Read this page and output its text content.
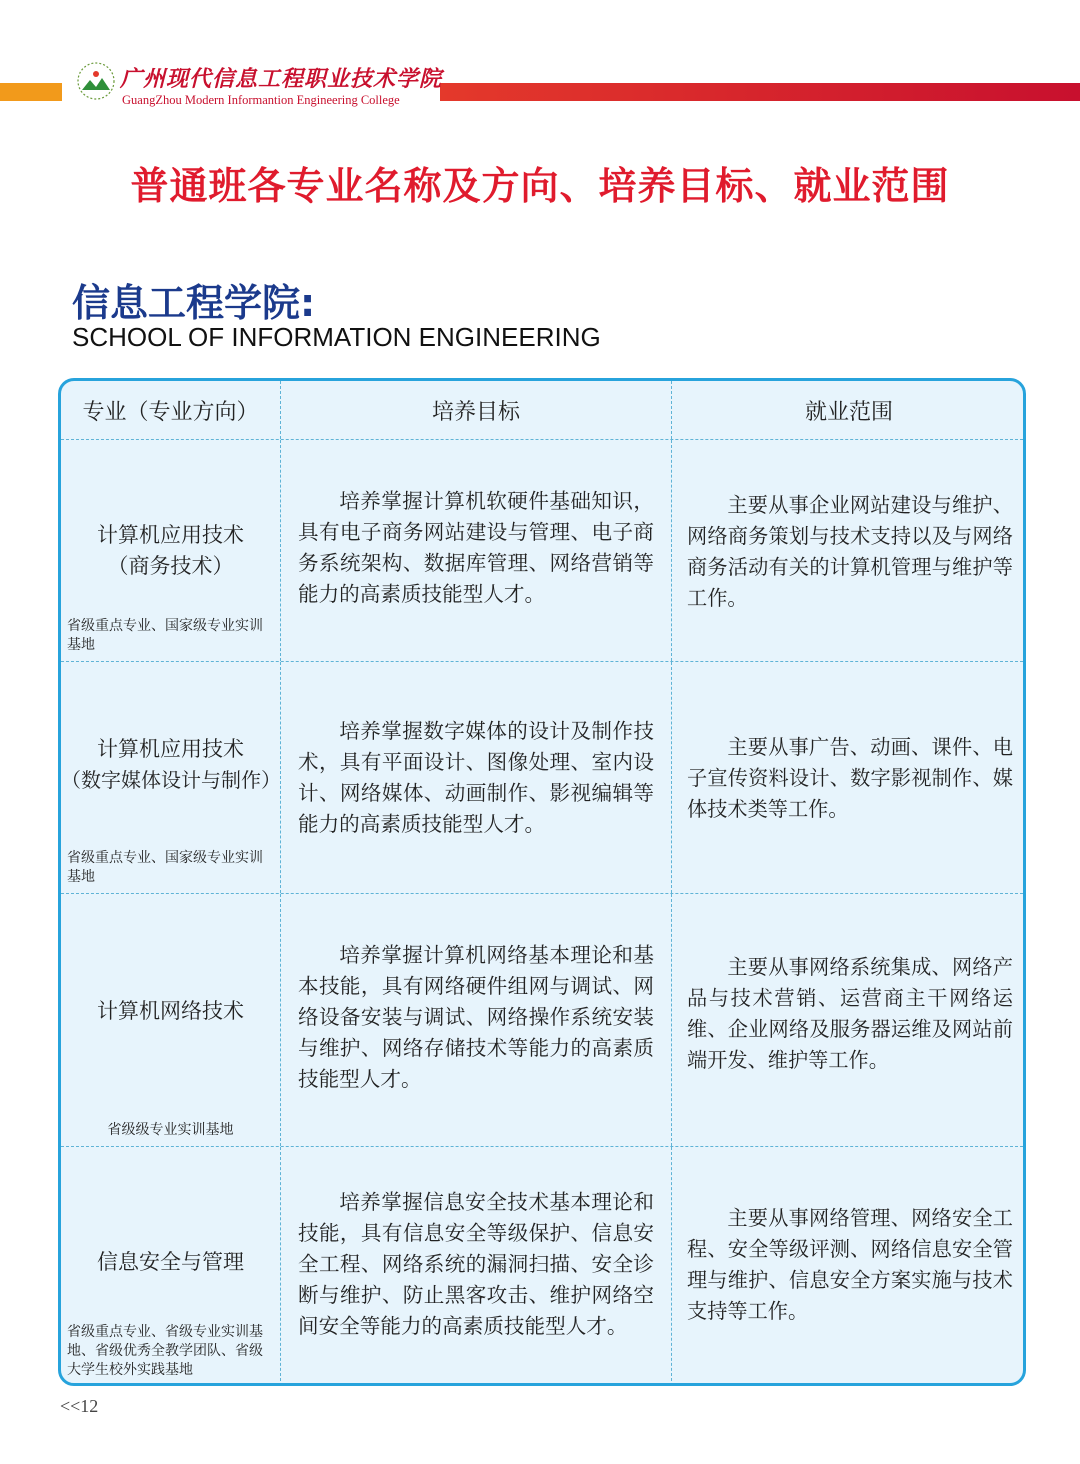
广州现代信息工程职业技术学院
GuangZhou Modern Informantion Engineering College
普通班各专业名称及方向、培养目标、就业范围
信息工程学院:
SCHOOL OF INFORMATION ENGINEERING
专业（专业方向）	培养目标	就业范围
计算机应用技术
（商务技术）
省级重点专业、国家级专业实训基地
培养掌握计算机软硬件基础知识，具有电子商务网站建设与管理、电子商务系统架构、数据库管理、网络营销等能力的高素质技能型人才。
主要从事企业网站建设与维护、网络商务策划与技术支持以及与网络商务活动有关的计算机管理与维护等工作。
计算机应用技术
（数字媒体设计与制作）
省级重点专业、国家级专业实训基地
培养掌握数字媒体的设计及制作技术，具有平面设计、图像处理、室内设计、网络媒体、动画制作、影视编辑等能力的高素质技能型人才。
主要从事广告、动画、课件、电子宣传资料设计、数字影视制作、媒体技术类等工作。
计算机网络技术
省级级专业实训基地
培养掌握计算机网络基本理论和基本技能，具有网络硬件组网与调试、网络设备安装与调试、网络操作系统安装与维护、网络存储技术等能力的高素质技能型人才。
主要从事网络系统集成、网络产品与技术营销、运营商主干网络运维、企业网络及服务器运维及网站前端开发、维护等工作。
信息安全与管理
省级重点专业、省级专业实训基地、省级优秀全教学团队、省级大学生校外实践基地
培养掌握信息安全技术基本理论和技能，具有信息安全等级保护、信息安全工程、网络系统的漏洞扫描、安全诊断与维护、防止黑客攻击、维护网络空间安全等能力的高素质技能型人才。
主要从事网络管理、网络安全工程、安全等级评测、网络信息安全管理与维护、信息安全方案实施与技术支持等工作。
<<12
